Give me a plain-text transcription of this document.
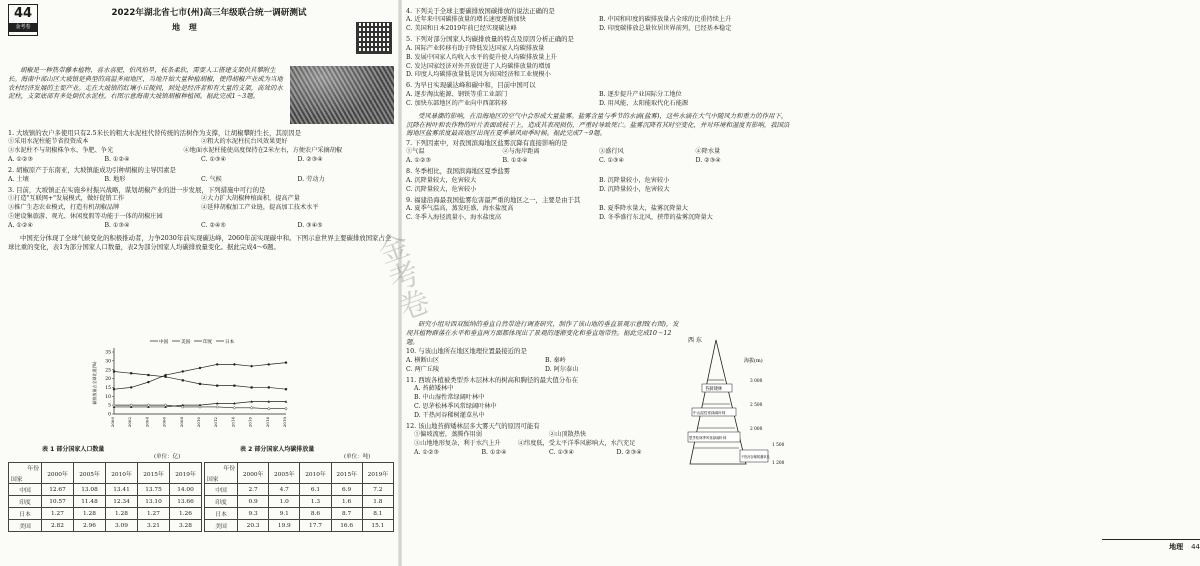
44
金考卷
2022年湖北省七市(州)高三年级联合统一调研测试
地 理
胡椒是一种热带藤本植物，喜水喜肥，怕风怕旱，枝条柔软，需要人工搭建支架供其攀附生长。海南中部山区大坡镇是典型的高温多雨地区，当地开始大量种植胡椒，使得胡椒产业成为当地农村经济发展的主要产业。走在大坡镇的红壤小丘陵间，到处是经济者和有大量的支架，高耸的水泥柱，支架底部有多处倒伏水泥柱。右图示意海南大坡镇胡椒种植园。据此完成1～3题。
1. 大坡镇的农户多使用只有2.5米长的粗大水泥柱代替传统的活树作为支撑，让胡椒攀附生长，其原因是
①采用水泥柱能节省投资成本	②粗大的水泥柱抗台风效果更好
③水泥柱不与胡椒株争水、争肥、争光	④地面水泥柱能使高度保持在2米左右，方便农户采摘胡椒
A. ①②③	B. ①②④	C. ①③④	D. ②③④
2. 胡椒原产于东南亚，大坡镇能成功引种胡椒的主导因素是
A. 土壤	B. 地形	C. 气候	D. 劳动力
3. 目前，大坡镇正在实施乡村振兴战略，谋划胡椒产业的进一步发展，下列措施中可行的是
①打造"互联网+"发展模式，做好促销工作	②大力扩大胡椒种植面积，提高产量
③推广生态农业模式，打造有机胡椒品牌	④延伸胡椒加工产业链，提高加工技术水平
⑤建设集旅游、观光、休闲度假等功能于一体的胡椒庄园
A. ①②④	B. ①③④	C. ②④⑤	D. ③④⑤
中国充分体现了全球气候变化的积极推动者，力争2030年前实现碳达峰，2060年前实现碳中和。下图示意世界主要碳排放国家占全球比重的变化，表1为部分国家人口数量，表2为部分国家人均碳排放量变化。据此完成4～6题。
0
5
10
15
20
25
30
35
2000	2002	2004	2006	2008	2010	2012	2014	2016	2018	2019
碳排放量占全球比重(%)
中国	美国	印度	日本
表 1 部分国家人口数量
(单位：亿)
表 2 部分国家人均碳排放量
(单位：吨)
年份
国家	2000年	2005年	2010年	2015年	2019年
中国	12.67	13.08	13.41	13.75	14.00
印度	10.57	11.48	12.34	13.10	13.66
日本	1.27	1.28	1.28	1.27	1.26
美国	2.82	2.96	3.09	3.21	3.28
年份
国家	2000年	2005年	2010年	2015年	2019年
中国	2.7	4.7	6.1	6.9	7.2
印度	0.9	1.0	1.3	1.6	1.8
日本	9.3	9.1	8.6	8.7	8.1
美国	20.3	19.9	17.7	16.6	15.1
4. 下列关于全球主要碳排放国碳排放的说法正确的是
A. 近年来中国碳排放量的增长速度逐渐加快	B. 中国和印度的碳排放量占全球的比重持续上升
C. 美国和日本2019年前已经实现碳达峰	D. 印度碳排放总量位居世界前列，已经基本稳定
5. 下列对部分国家人均碳排放量的特点及原因分析正确的是
A. 国际产业转移有助于降低发达国家人均碳排放量
B. 发展中国家人均收入水平的提升使人均碳排放量上升
C. 发达国家经济对外开放促进了人均碳排放量的增加
D. 印度人均碳排放量低是因为该国经济和工业规模小
6. 为早日实现碳达峰和碳中和，目前中国可以
A. 逐步淘汰能源、钢铁等重工业部门	B. 逐步提升产业国际分工地位
C. 加快东部地区的产业向中西部转移	D. 用风能、太阳能取代化石能源
受风暴潮的影响，在沿海地区的空气中会形成大量盐雾。盐雾含量与季节的水滴(盐雾)，这些水滴在大气中随风力和重力的作用下，沉降在树叶和农作物的叶片表面或枝干上，造成其表现损伤，严重时导致死亡。盐雾沉降有其时空变化，并对环境和湿度有影响，我国沿海地区盐雾浓度最高地区出现在夏季暴风雨季时候。据此完成7～9题。
7. 下列因素中，对我国滨海地区盐雾沉降有直接影响的是
①气温	②与海岸距离	③盛行风	④降水量
A. ①②③	B. ①②④	C. ①③④	D. ②③④
8. 冬季相比，我国滨海地区夏季盐雾
A. 沉降量较大，危害较大	B. 沉降量较小，危害较小
C. 沉降量较大，危害较小	D. 沉降量较小，危害较大
9. 福建沿海最我国盐雾危害最严重的地区之一，主要是由于其
A. 夏季气温高，蒸发旺盛，海水盐度高	B. 夏季降水量大，盐雾沉降量大
C. 冬季入海径流量小，海水盐度高	D. 冬季盛行东北风，挟带的盐雾沉降量大
研究小组对西双版纳的垂直自然带进行调查研究，制作了该山地的垂直景观示意图(右图)，发现其植物群落在水平和垂直两方面都体现出了景观的逐渐变化和垂直地带性。据此完成10～12题。
10. 与该山地所在地区地理位置最接近的是
A. 横断山区	B. 秦岭
C. 两广丘陵	D. 阿尔泰山
11. 西坡各植被类型乔木层林木的树高和胸径的最大值分布在
A. 苔藓矮林中
B. 中山湿性常绿阔叶林中
C. 思茅松林季风常绿阔叶林中
D. 干热河谷稀树灌草丛中
12. 该山地苔藓矮林层多大雾天气的原因可能有
①偏坡流密，蒸腾作用弱	②山顶散热快
③山地地形复杂，利于水汽上升	④纬度低，受太平洋季风影响大，水汽充足
A. ①②③	B. ①②④	C. ①③④	D. ②③④
地理 44
西 东
海拔(m)
苔藓矮林
中山湿性常绿阔叶林
思茅松林季风常绿阔叶林
干热河谷稀树灌草丛
3 000
2 500
2 000
1 500
1 200
金考卷
